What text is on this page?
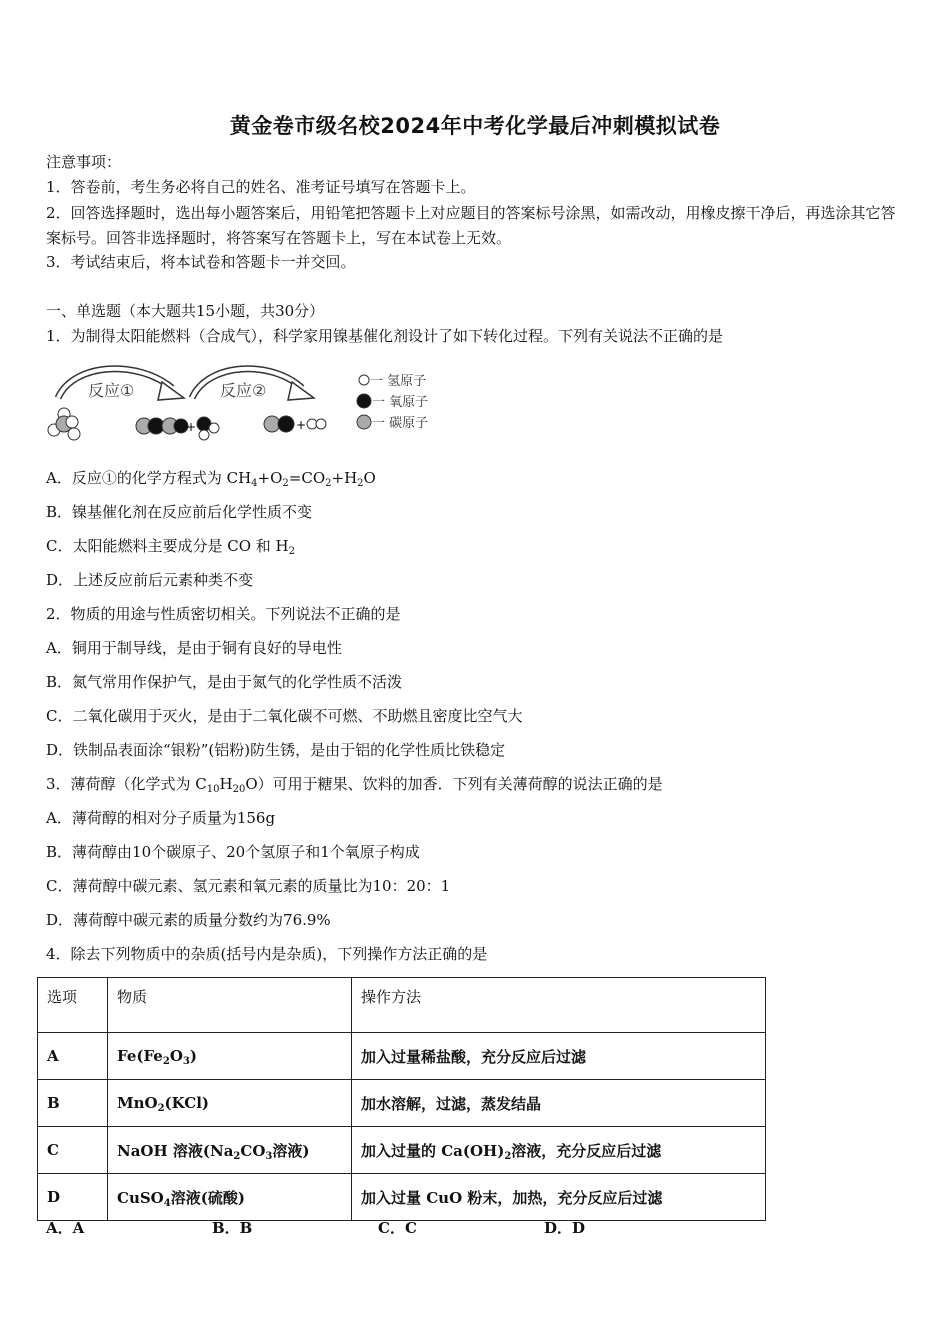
黄金卷市级名校2024年中考化学最后冲刺模拟试卷
注意事项：
1．答卷前，考生务必将自己的姓名、准考证号填写在答题卡上。
2．回答选择题时，选出每小题答案后，用铅笔把答题卡上对应题目的答案标号涂黑，如需改动，用橡皮擦干净后，再选涂其它答案标号。回答非选择题时，将答案写在答题卡上，写在本试卷上无效。
3．考试结束后，将本试卷和答题卡一并交回。
一、单选题（本大题共15小题，共30分）
1．为制得太阳能燃料（合成气），科学家用镍基催化剂设计了如下转化过程。下列有关说法不正确的是
反应①	反应②
+	+
一 氢原子
一 氧原子
一 碳原子
A．反应①的化学方程式为 $CH_4+O_2=CO_2+H_2O$
B．镍基催化剂在反应前后化学性质不变
C．太阳能燃料主要成分是 CO 和 $H_2$
D．上述反应前后元素种类不变
2．物质的用途与性质密切相关。下列说法不正确的是
A．铜用于制导线，是由于铜有良好的导电性
B．氮气常用作保护气，是由于氮气的化学性质不活泼
C．二氧化碳用于灭火，是由于二氧化碳不可燃、不助燃且密度比空气大
D．铁制品表面涂“银粉”(铝粉)防生锈，是由于铝的化学性质比铁稳定
3．薄荷醇（化学式为 $C_{10}H_{20}O$）可用于糖果、饮料的加香．下列有关薄荷醇的说法正确的是
A．薄荷醇的相对分子质量为156g
B．薄荷醇由10个碳原子、20个氢原子和1个氧原子构成
C．薄荷醇中碳元素、氢元素和氧元素的质量比为10：20：1
D．薄荷醇中碳元素的质量分数约为76.9%
4．除去下列物质中的杂质(括号内是杂质)，下列操作方法正确的是
选项	物质	操作方法
A	$Fe(Fe_2O_3)$	加入过量稀盐酸，充分反应后过滤
B	MnO$_2$(KCl)	加水溶解，过滤，蒸发结晶
C	NaOH 溶液($Na_2CO_3$溶液)	加入过量的 $Ca(OH)_2$溶液，充分反应后过滤
D	CuSO$_4$溶液(硫酸)	加入过量 CuO 粉末，加热，充分反应后过滤
A．A	B．B	C．C	D．D
